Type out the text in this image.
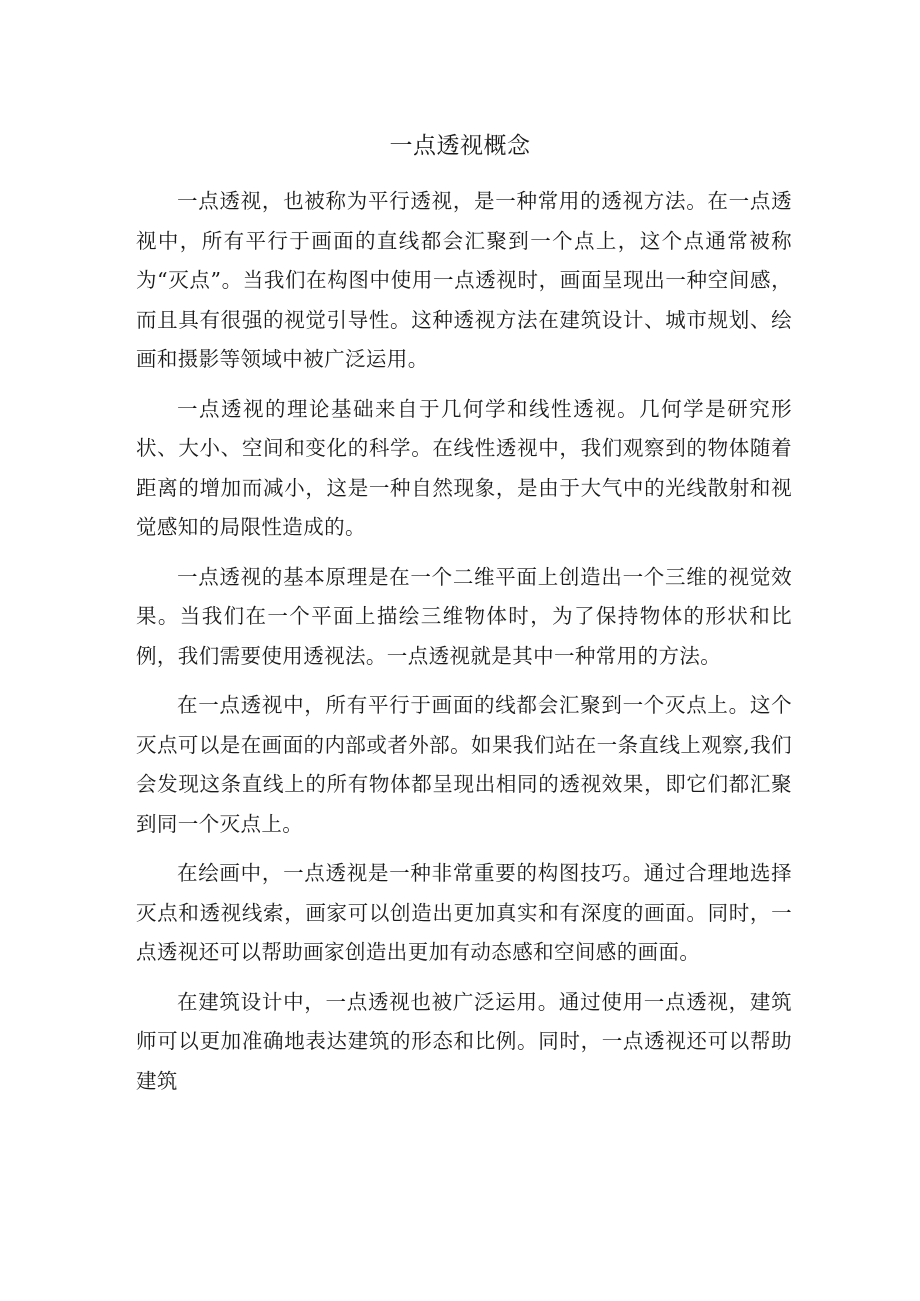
一点透视概念

一点透视，也被称为平行透视，是一种常用的透视方法。在一点透视中，所有平行于画面的直线都会汇聚到一个点上，这个点通常被称为“灭点”。当我们在构图中使用一点透视时，画面呈现出一种空间感，而且具有很强的视觉引导性。这种透视方法在建筑设计、城市规划、绘画和摄影等领域中被广泛运用。

一点透视的理论基础来自于几何学和线性透视。几何学是研究形状、大小、空间和变化的科学。在线性透视中，我们观察到的物体随着距离的增加而减小，这是一种自然现象，是由于大气中的光线散射和视觉感知的局限性造成的。

一点透视的基本原理是在一个二维平面上创造出一个三维的视觉效果。当我们在一个平面上描绘三维物体时，为了保持物体的形状和比例，我们需要使用透视法。一点透视就是其中一种常用的方法。

在一点透视中，所有平行于画面的线都会汇聚到一个灭点上。这个灭点可以是在画面的内部或者外部。如果我们站在一条直线上观察,我们会发现这条直线上的所有物体都呈现出相同的透视效果，即它们都汇聚到同一个灭点上。

在绘画中，一点透视是一种非常重要的构图技巧。通过合理地选择灭点和透视线索，画家可以创造出更加真实和有深度的画面。同时，一点透视还可以帮助画家创造出更加有动态感和空间感的画面。

在建筑设计中，一点透视也被广泛运用。通过使用一点透视，建筑师可以更加准确地表达建筑的形态和比例。同时，一点透视还可以帮助建筑
